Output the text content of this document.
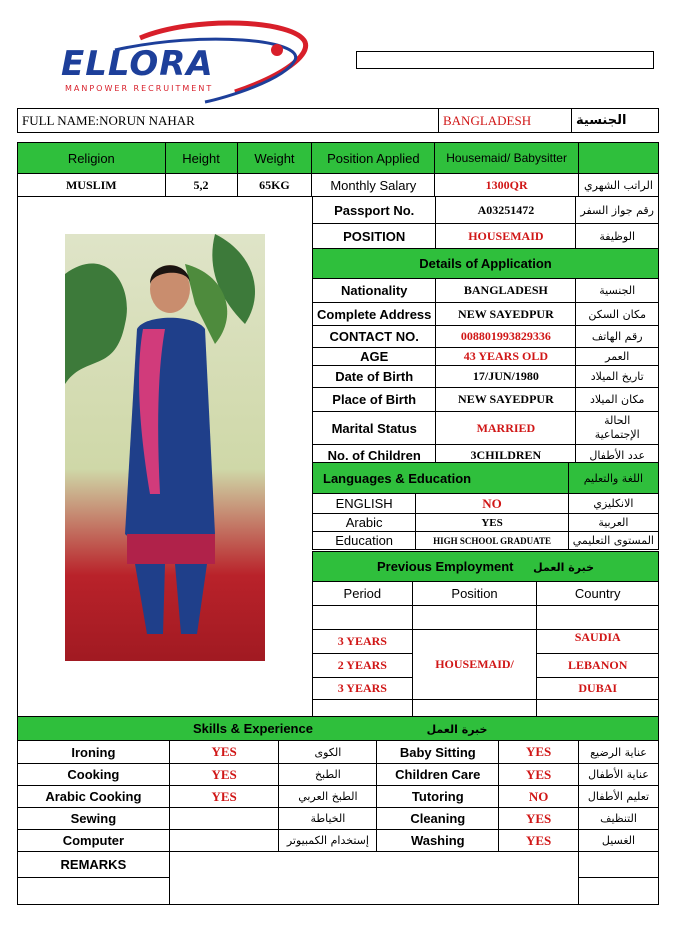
ELLORA
MANPOWER RECRUITMENT
FULL NAME:NORUN NAHAR	BANGLADESH	الجنسية
Religion	Height	Weight	Position Applied	Housemaid/ Babysitter	
MUSLIM	5,2	65KG	Monthly Salary	1300QR	الراتب الشهري
Passport No.	A03251472	رقم جواز السفر
POSITION	HOUSEMAID	الوظيفة
Details of Application		
Nationality	BANGLADESH	الجنسية
Complete Address	NEW SAYEDPUR	مكان السكن
CONTACT NO.	008801993829336	رقم الهاتف
AGE	43 YEARS OLD	العمر
Date of Birth	17/JUN/1980	تاريخ الميلاد
Place of Birth	NEW SAYEDPUR	مكان الميلاد
Marital Status	MARRIED	الحالة الإجتماعية
No. of Children	3CHILDREN	عدد الأطفال
Languages & Education		اللغة والتعليم
ENGLISH	NO	الانكليزي
Arabic	YES	العربية
Education	HIGH SCHOOL GRADUATE	المستوى التعليمي
Previous Employment خبرة العمل		
Period	Position	Country

3 YEARS	HOUSEMAID/	SAUDIA
2 YEARS		LEBANON
3 YEARS		DUBAI

Skills & Experience خبرة العمل					
Ironing	YES	الكوى	Baby Sitting	YES	عناية الرضيع
Cooking	YES	الطبخ	Children Care	YES	عناية الأطفال
Arabic Cooking	YES	الطبخ العربي	Tutoring	NO	تعليم الأطفال
Sewing		الخياطة	Cleaning	YES	التنظيف
Computer		إستخدام الكمبيوتر	Washing	YES	الغسيل
REMARKS					
